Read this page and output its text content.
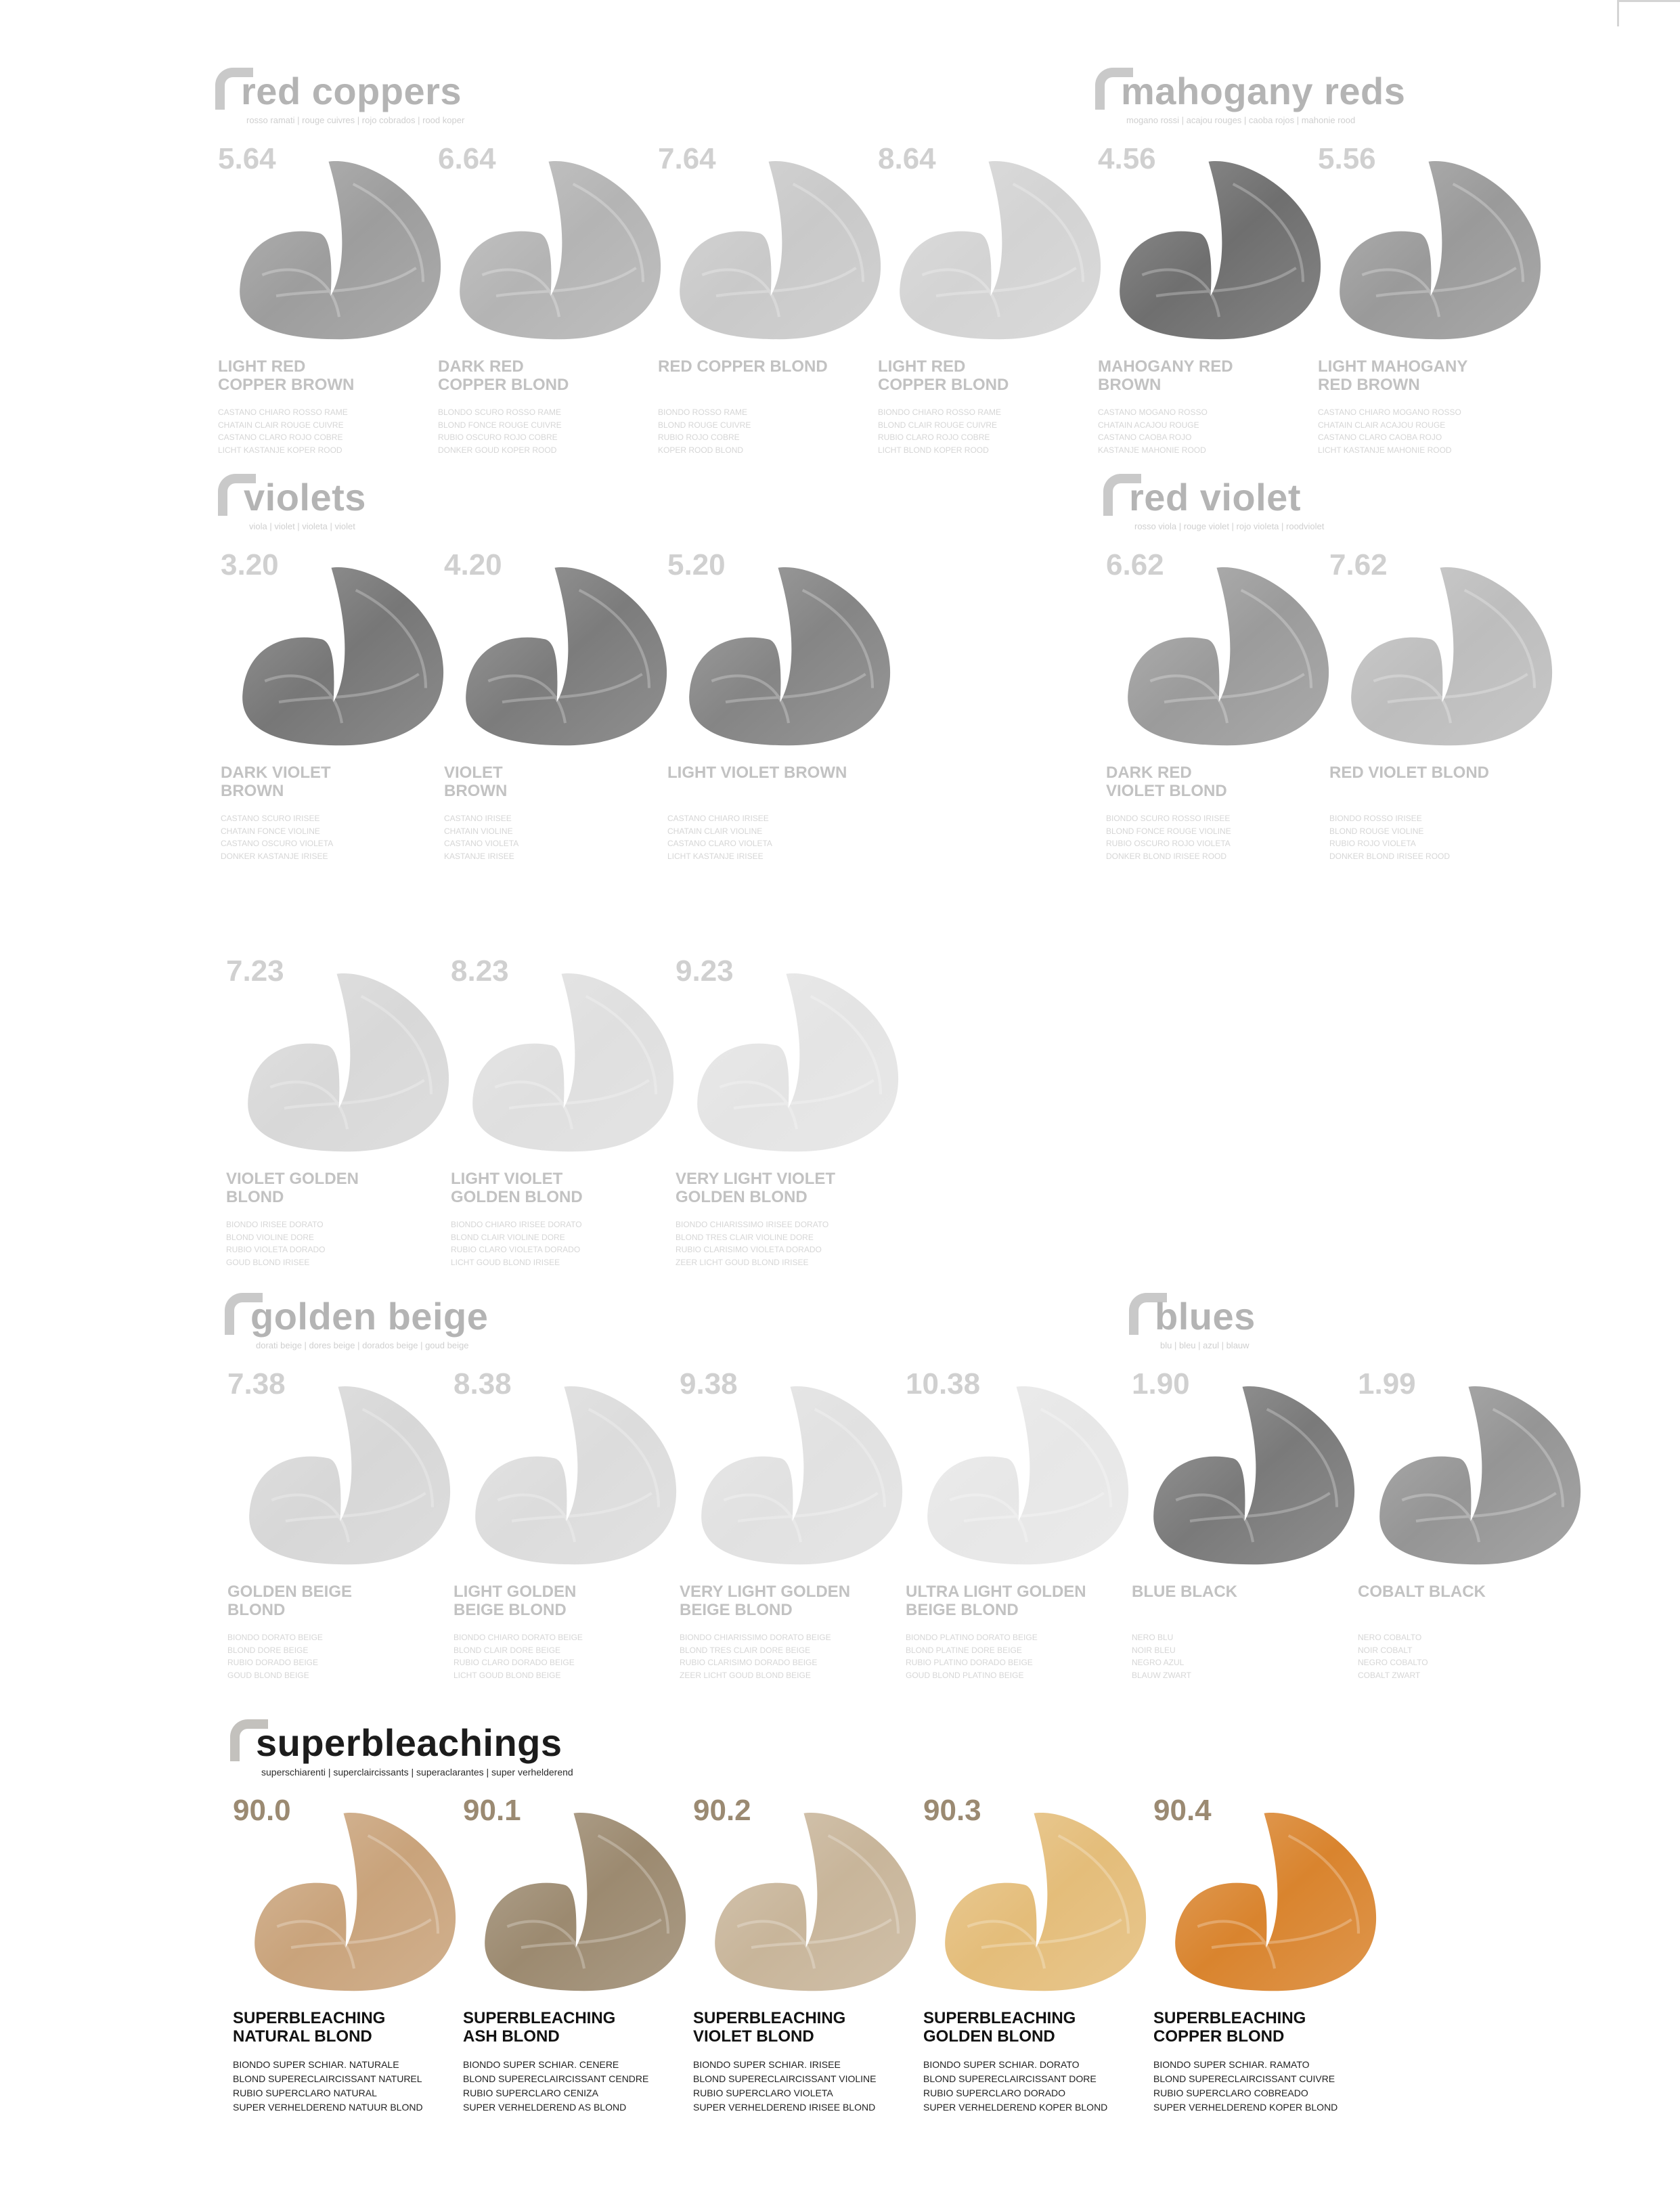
red coppers
rosso ramati | rouge cuivres | rojo cobrados | rood koper
mahogany reds
mogano rossi | acajou rouges | caoba rojos | mahonie rood
5.64
LIGHT RED
COPPER BROWN
CASTANO CHIARO ROSSO RAME
CHATAIN CLAIR ROUGE CUIVRE
CASTANO CLARO ROJO COBRE
LICHT KASTANJE KOPER ROOD
6.64
DARK RED
COPPER BLOND
BLONDO SCURO ROSSO RAME
BLOND FONCE ROUGE CUIVRE
RUBIO OSCURO ROJO COBRE
DONKER GOUD KOPER ROOD
7.64
RED COPPER BLOND
BIONDO ROSSO RAME
BLOND ROUGE CUIVRE
RUBIO ROJO COBRE
KOPER ROOD BLOND
8.64
LIGHT RED
COPPER BLOND
BIONDO CHIARO ROSSO RAME
BLOND CLAIR ROUGE CUIVRE
RUBIO CLARO ROJO COBRE
LICHT BLOND KOPER ROOD
4.56
MAHOGANY RED
BROWN
CASTANO MOGANO ROSSO
CHATAIN ACAJOU ROUGE
CASTANO CAOBA ROJO
KASTANJE MAHONIE ROOD
5.56
LIGHT MAHOGANY
RED BROWN
CASTANO CHIARO MOGANO ROSSO
CHATAIN CLAIR ACAJOU ROUGE
CASTANO CLARO CAOBA ROJO
LICHT KASTANJE MAHONIE ROOD
violets
viola | violet | violeta | violet
3.20
DARK VIOLET
BROWN
CASTANO SCURO IRISEE
CHATAIN FONCE VIOLINE
CASTANO OSCURO VIOLETA
DONKER KASTANJE IRISEE
4.20
VIOLET
BROWN
CASTANO IRISEE
CHATAIN VIOLINE
CASTANO VIOLETA
KASTANJE IRISEE
5.20
LIGHT VIOLET BROWN
CASTANO CHIARO IRISEE
CHATAIN CLAIR VIOLINE
CASTANO CLARO VIOLETA
LICHT KASTANJE IRISEE
red violet
rosso viola | rouge violet | rojo violeta | roodviolet
6.62
DARK RED
VIOLET BLOND
BIONDO SCURO ROSSO IRISEE
BLOND FONCE ROUGE VIOLINE
RUBIO OSCURO ROJO VIOLETA
DONKER BLOND IRISEE ROOD
7.62
RED VIOLET BLOND
BIONDO ROSSO IRISEE
BLOND ROUGE VIOLINE
RUBIO ROJO VIOLETA
DONKER BLOND IRISEE ROOD
7.23
VIOLET GOLDEN
BLOND
BIONDO IRISEE DORATO
BLOND VIOLINE DORE
RUBIO VIOLETA DORADO
GOUD BLOND IRISEE
8.23
LIGHT VIOLET
GOLDEN BLOND
BIONDO CHIARO IRISEE DORATO
BLOND CLAIR VIOLINE DORE
RUBIO CLARO VIOLETA DORADO
LICHT GOUD BLOND IRISEE
9.23
VERY LIGHT VIOLET
GOLDEN BLOND
BIONDO CHIARISSIMO IRISEE DORATO
BLOND TRES CLAIR VIOLINE DORE
RUBIO CLARISIMO VIOLETA DORADO
ZEER LICHT GOUD BLOND IRISEE
golden beige
dorati beige | dores beige | dorados beige | goud beige
7.38
GOLDEN BEIGE
BLOND
BIONDO DORATO BEIGE
BLOND DORE BEIGE
RUBIO DORADO BEIGE
GOUD BLOND BEIGE
8.38
LIGHT GOLDEN
BEIGE BLOND
BIONDO CHIARO DORATO BEIGE
BLOND CLAIR DORE BEIGE
RUBIO CLARO DORADO BEIGE
LICHT GOUD BLOND BEIGE
9.38
VERY LIGHT GOLDEN
BEIGE BLOND
BIONDO CHIARISSIMO DORATO BEIGE
BLOND TRES CLAIR DORE BEIGE
RUBIO CLARISIMO DORADO BEIGE
ZEER LICHT GOUD BLOND BEIGE
10.38
ULTRA LIGHT GOLDEN
BEIGE BLOND
BIONDO PLATINO DORATO BEIGE
BLOND PLATINE DORE BEIGE
RUBIO PLATINO DORADO BEIGE
GOUD BLOND PLATINO BEIGE
blues
blu | bleu | azul | blauw
1.90
BLUE BLACK
NERO BLU
NOIR BLEU
NEGRO AZUL
BLAUW ZWART
1.99
COBALT BLACK
NERO COBALTO
NOIR COBALT
NEGRO COBALTO
COBALT ZWART
superbleachings
superschiarenti | superclaircissants | superaclarantes | super verhelderend
90.0
SUPERBLEACHING
NATURAL BLOND
BIONDO SUPER SCHIAR. NATURALE
BLOND SUPERECLAIRCISSANT NATUREL
RUBIO SUPERCLARO NATURAL
SUPER VERHELDEREND NATUUR BLOND
90.1
SUPERBLEACHING
ASH BLOND
BIONDO SUPER SCHIAR. CENERE
BLOND SUPERECLAIRCISSANT CENDRE
RUBIO SUPERCLARO CENIZA
SUPER VERHELDEREND AS BLOND
90.2
SUPERBLEACHING
VIOLET BLOND
BIONDO SUPER SCHIAR. IRISEE
BLOND SUPERECLAIRCISSANT VIOLINE
RUBIO SUPERCLARO VIOLETA
SUPER VERHELDEREND IRISEE BLOND
90.3
SUPERBLEACHING
GOLDEN BLOND
BIONDO SUPER SCHIAR. DORATO
BLOND SUPERECLAIRCISSANT DORE
RUBIO SUPERCLARO DORADO
SUPER VERHELDEREND KOPER BLOND
90.4
SUPERBLEACHING
COPPER BLOND
BIONDO SUPER SCHIAR. RAMATO
BLOND SUPERECLAIRCISSANT CUIVRE
RUBIO SUPERCLARO COBREADO
SUPER VERHELDEREND KOPER BLOND
